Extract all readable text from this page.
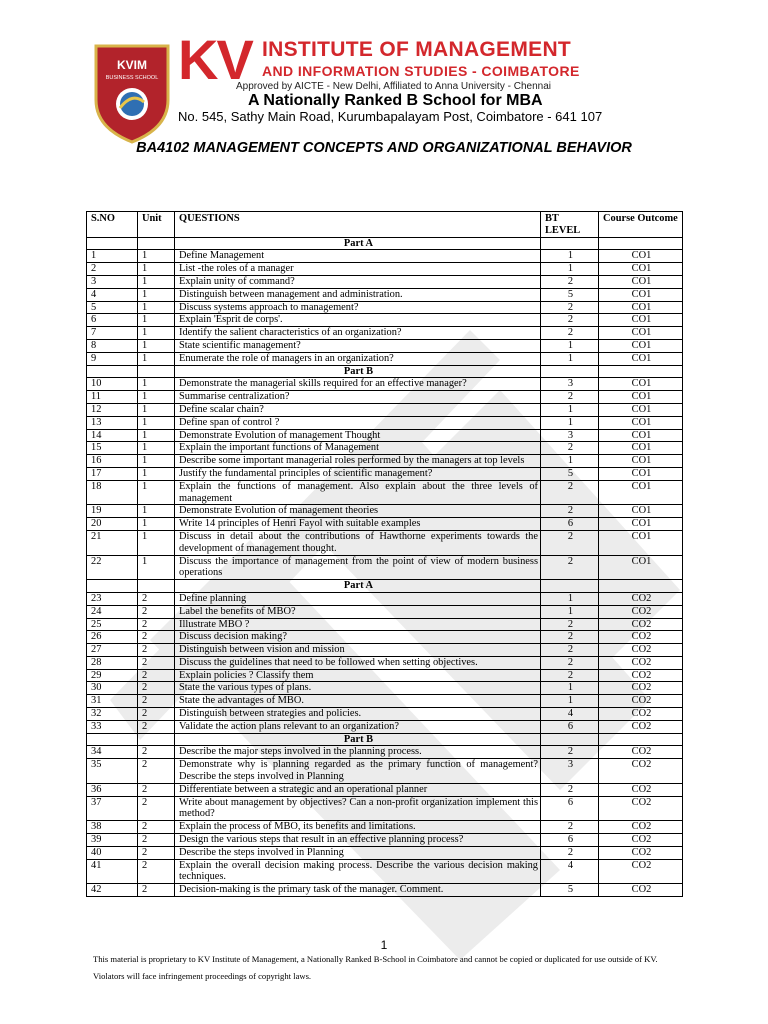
KVIM
BUSINESS SCHOOL KV INSTITUTE OF MANAGEMENT
AND INFORMATION STUDIES - COIMBATORE
Approved by AICTE - New Delhi, Affiliated to Anna University - Chennai
A Nationally Ranked B School for MBA
No. 545, Sathy Main Road, Kurumbapalayam Post, Coimbatore - 641 107
BA4102 MANAGEMENT CONCEPTS AND ORGANIZATIONAL BEHAVIOR
S.NO	Unit	QUESTIONS	BT LEVEL	Course Outcome
		Part A		
1	1	Define Management	1	CO1
2	1	List -the roles of a manager	1	CO1
3	1	Explain unity of command?	2	CO1
4	1	Distinguish between management and administration.	5	CO1
5	1	Discuss systems approach to management?	2	CO1
6	1	Explain 'Esprit de corps'.	2	CO1
7	1	Identify the salient characteristics of an organization?	2	CO1
8	1	State scientific management?	1	CO1
9	1	Enumerate the role of managers in an organization?	1	CO1
		Part B		
10	1	Demonstrate the managerial skills required for an effective manager?	3	CO1
11	1	Summarise centralization?	2	CO1
12	1	Define scalar chain?	1	CO1
13	1	Define span of control ?	1	CO1
14	1	Demonstrate Evolution of management Thought	3	CO1
15	1	Explain the important functions of Management	2	CO1
16	1	Describe some important managerial roles performed by the managers at top levels	1	CO1
17	1	Justify the fundamental principles of scientific management?	5	CO1
18	1	Explain the functions of management. Also explain about the three levels of management	2	CO1
19	1	Demonstrate Evolution of management theories	2	CO1
20	1	Write 14 principles of Henri Fayol with suitable examples	6	CO1
21	1	Discuss in detail about the contributions of Hawthorne experiments towards the development of management thought.	2	CO1
22	1	Discuss the importance of management from the point of view of modern business operations	2	CO1
		Part A		
23	2	Define planning	1	CO2
24	2	Label the benefits of MBO?	1	CO2
25	2	Illustrate MBO ?	2	CO2
26	2	Discuss decision making?	2	CO2
27	2	Distinguish between vision and mission	2	CO2
28	2	Discuss the guidelines that need to be followed when setting objectives.	2	CO2
29	2	Explain policies ? Classify them	2	CO2
30	2	State the various types of plans.	1	CO2
31	2	State the advantages of MBO.	1	CO2
32	2	Distinguish between strategies and policies.	4	CO2
33	2	Validate the action plans relevant to an organization?	6	CO2
		Part B		
34	2	Describe the major steps involved in the planning process.	2	CO2
35	2	Demonstrate why is planning regarded as the primary function of management? Describe the steps involved in Planning	3	CO2
36	2	Differentiate between a strategic and an operational planner	2	CO2
37	2	Write about management by objectives? Can a non-profit organization implement this method?	6	CO2
38	2	Explain the process of MBO, its benefits and limitations.	2	CO2
39	2	Design the various steps that result in an effective planning process?	6	CO2
40	2	Describe the steps involved in Planning	2	CO2
41	2	Explain the overall decision making process. Describe the various decision making techniques.	4	CO2
42	2	Decision-making is the primary task of the manager. Comment.	5	CO2
1
This material is proprietary to KV Institute of Management, a Nationally Ranked B-School in Coimbatore and cannot be copied or duplicated for use outside of KV. Violators will face infringement proceedings of copyright laws.
